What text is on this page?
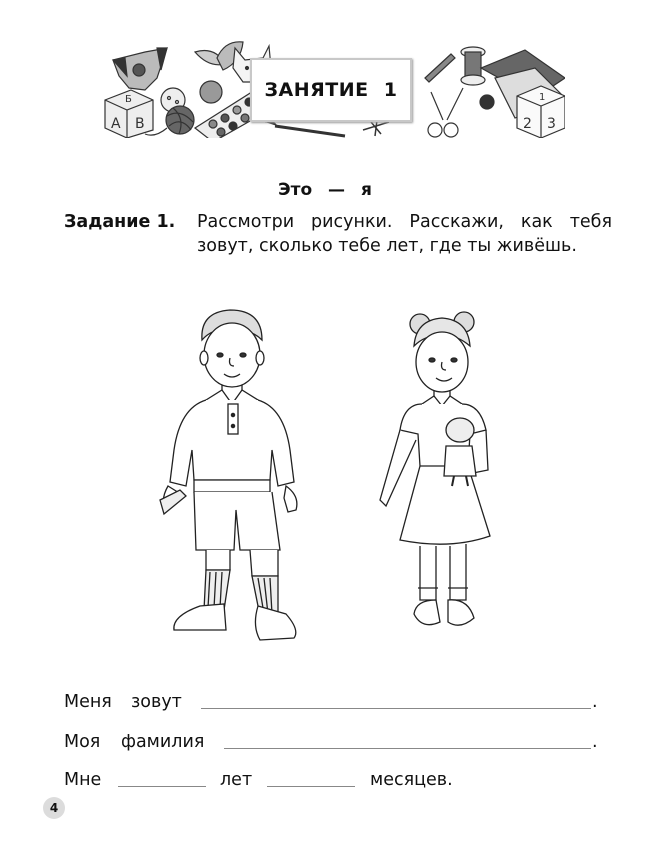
Б
А В
1
2 3
ЗАНЯТИЕ 1
Это — я
Задание 1. Рассмотри рисунки. Расскажи, как тебя зовут, сколько тебе лет, где ты живёшь.
Меня зовут	.
Моя фамилия	.
Мне	лет	месяцев.
4
